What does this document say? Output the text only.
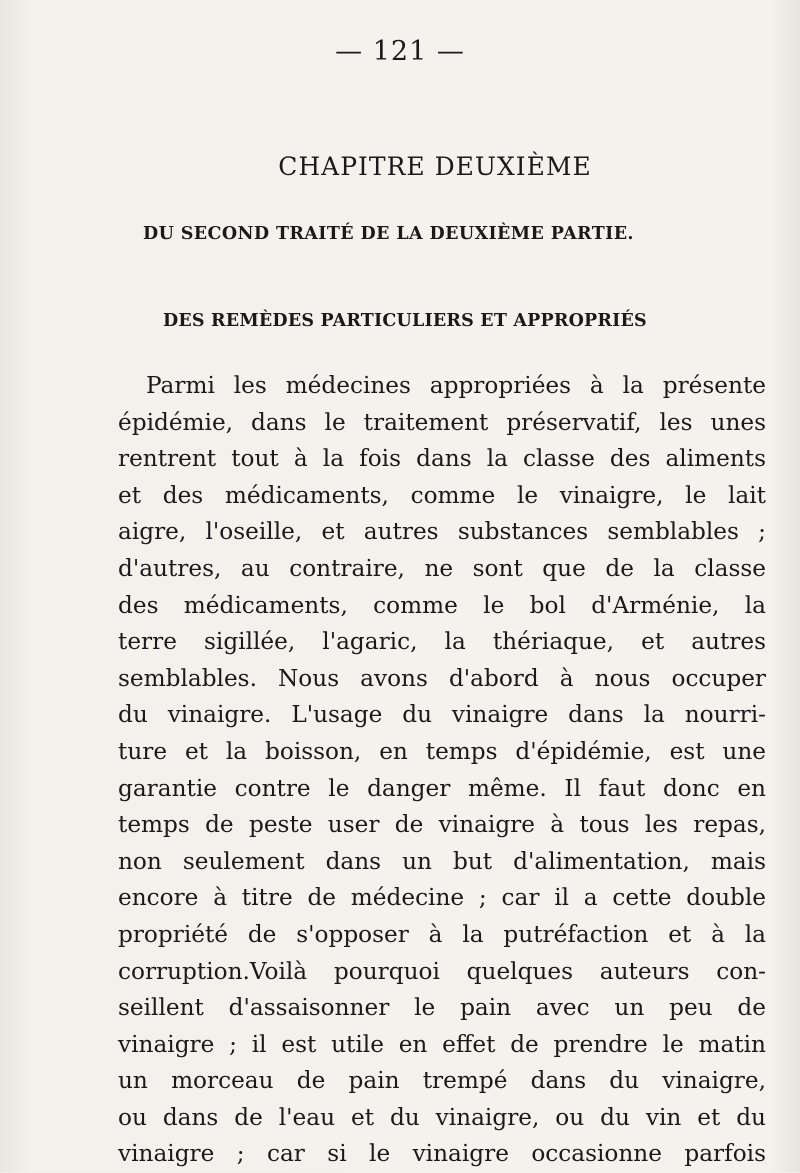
— 121 —
CHAPITRE DEUXIÈME
DU SECOND TRAITÉ DE LA DEUXIÈME PARTIE.
DES REMÈDES PARTICULIERS ET APPROPRIÉS
Parmi les médecines appropriées à la présente
épidémie, dans le traitement préservatif, les unes
rentrent tout à la fois dans la classe des aliments
et des médicaments, comme le vinaigre, le lait
aigre, l'oseille, et autres substances semblables ;
d'autres, au contraire, ne sont que de la classe
des médicaments, comme le bol d'Arménie, la
terre sigillée, l'agaric, la thériaque, et autres
semblables. Nous avons d'abord à nous occuper
du vinaigre. L'usage du vinaigre dans la nourri-
ture et la boisson, en temps d'épidémie, est une
garantie contre le danger même. Il faut donc en
temps de peste user de vinaigre à tous les repas,
non seulement dans un but d'alimentation, mais
encore à titre de médecine ; car il a cette double
propriété de s'opposer à la putréfaction et à la
corruption.Voilà pourquoi quelques auteurs con-
seillent d'assaisonner le pain avec un peu de
vinaigre ; il est utile en effet de prendre le matin
un morceau de pain trempé dans du vinaigre,
ou dans de l'eau et du vinaigre, ou du vin et du
vinaigre ; car si le vinaigre occasionne parfois
